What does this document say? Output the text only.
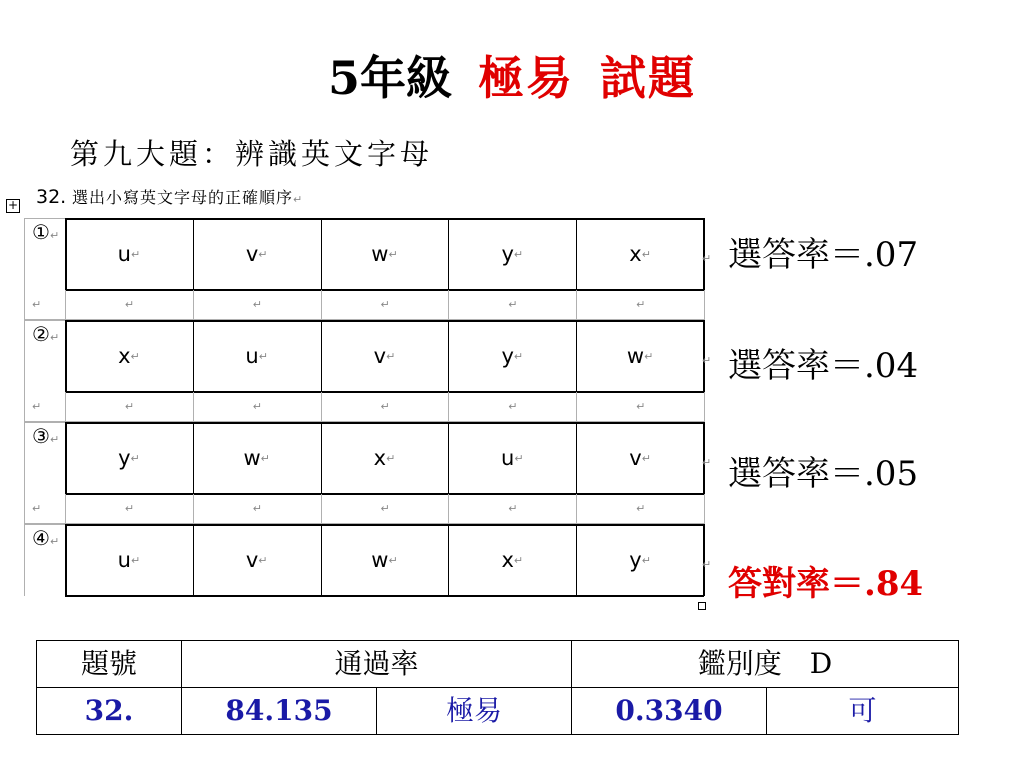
5年級 極易 試題
第九大題：辨識英文字母
+ 32. 選出小寫英文字母的正確順序↵
①↵
u ↵	v ↵	w ↵	y ↵	x ↵
↵	↵	↵	↵	↵	↵
↵
②↵
x ↵	u ↵	v ↵	y ↵	w ↵
↵	↵	↵	↵	↵	↵
↵
③↵
y ↵	w ↵	x ↵	u ↵	v ↵
↵	↵	↵	↵	↵	↵
↵
④↵
u ↵	v ↵	w ↵	x ↵	y ↵	↵
選答率＝.07
選答率＝.04
選答率＝.05
答對率＝.84
題號	通過率		鑑別度　D	
32.	84.135	極易	0.3340	可
